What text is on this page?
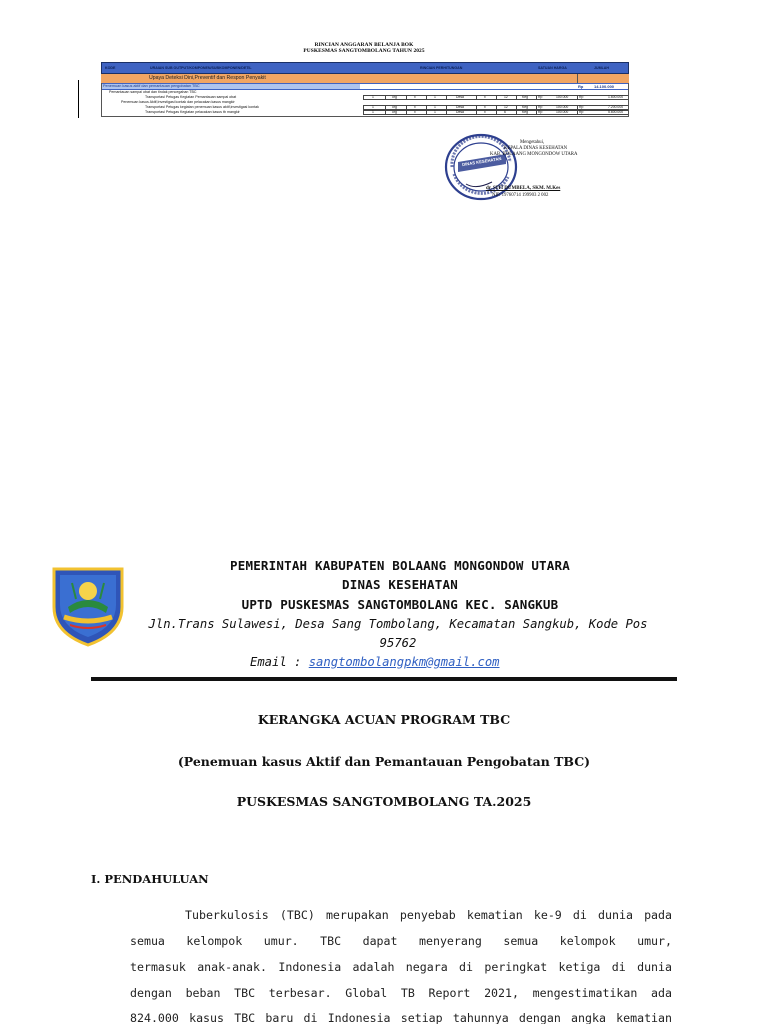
RINCIAN ANGGARAN BELANJA BOK
PUSKESMAS SANGTOMBOLANG TAHUN 2025
KODE	URAIAN SUB OUTPUT/KOMPONEN/SUBKOMPONEN/DETIL	RINCIAN PERHITUNGAN	SATUAN HARGA	JUMLAH
Upaya Deteksi Dini,Preventif dan Respon Penyakit
Penemuan kasus aktif dan pemantauan pengobatan TBC	Rp	14.100.000
Pemantauan sampai obat dan tindak pencegahan TBC
Transportasi Petugas Kegiatan Pemantauan sampai obat	1	org	x	1	Desa	x	12	Keg	Rp	100.000	Rp	1.600.000
Penemuan kasus Aktif,Investigasi kontak dan pelacakan kasus mangkir
Transportasi Petugas kegiatan penemuan kasus aktif,investigasi kontak	1	org	x	1	Desa	x	12	Keg	Rp	100.000	Rp	7.200.000
Transportasi Petugas Kegiatan pelacakan kasus tb mangkir	1	org	x	1	Desa	x	6	Keg	Rp	100.000	Rp	5.600.000
DINAS KESEHATAN
Mengetahui,
KEPALA DINAS KESEHATAN
KAB. BOLAANG MONGONDOW UTARA
dr. SITI DUMBELA, SKM. M.Kes
NIP. 19760714 199903 2 002
PEMERINTAH KABUPATEN BOLAANG MONGONDOW UTARA
DINAS KESEHATAN
UPTD PUSKESMAS SANGTOMBOLANG KEC. SANGKUB
Jln.Trans Sulawesi, Desa Sang Tombolang, Kecamatan Sangkub, Kode Pos
95762
Email : sangtombolangpkm@gmail.com
KERANGKA ACUAN PROGRAM TBC
(Penemuan kasus Aktif dan Pemantauan Pengobatan TBC)
PUSKESMAS SANGTOMBOLANG TA.2025
I. PENDAHULUAN
Tuberkulosis (TBC) merupakan penyebab kematian ke-9 di dunia pada
semua kelompok umur. TBC dapat menyerang semua kelompok umur,
termasuk anak-anak. Indonesia adalah negara di peringkat ketiga di dunia
dengan beban TBC terbesar. Global TB Report 2021, mengestimatikan ada
824.000 kasus TBC baru di Indonesia setiap tahunnya dengan angka kematian
